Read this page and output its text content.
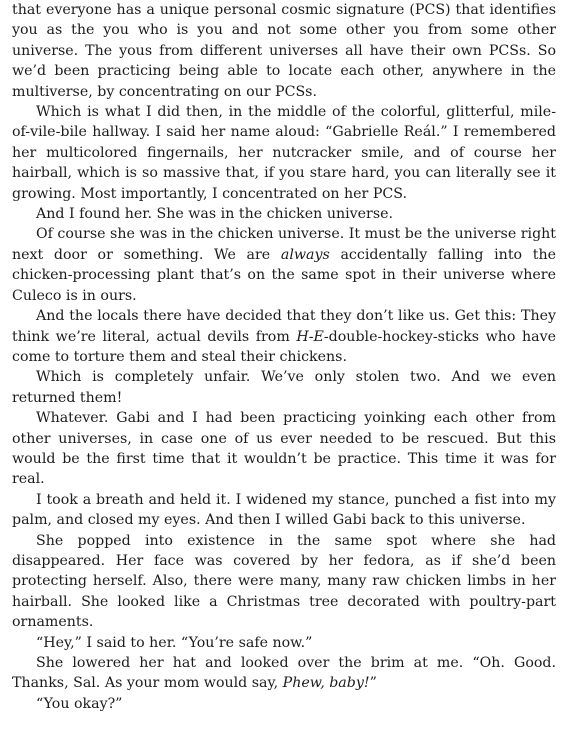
that everyone has a unique personal cosmic signature (PCS) that identifies you as the you who is you and not some other you from some other universe. The yous from different universes all have their own PCSs. So we’d been practicing being able to locate each other, anywhere in the multiverse, by concentrating on our PCSs.

Which is what I did then, in the middle of the colorful, glitterful, mile-of-vile-bile hallway. I said her name aloud: “Gabrielle Reál.” I remembered her multicolored fingernails, her nutcracker smile, and of course her hairball, which is so massive that, if you stare hard, you can literally see it growing. Most importantly, I concentrated on her PCS.

And I found her. She was in the chicken universe.

Of course she was in the chicken universe. It must be the universe right next door or something. We are always accidentally falling into the chicken-processing plant that’s on the same spot in their universe where Culeco is in ours.

And the locals there have decided that they don’t like us. Get this: They think we’re literal, actual devils from H-E-double-hockey-sticks who have come to torture them and steal their chickens.

Which is completely unfair. We’ve only stolen two. And we even returned them!

Whatever. Gabi and I had been practicing yoinking each other from other universes, in case one of us ever needed to be rescued. But this would be the first time that it wouldn’t be practice. This time it was for real.

I took a breath and held it. I widened my stance, punched a fist into my palm, and closed my eyes. And then I willed Gabi back to this universe.

She popped into existence in the same spot where she had disappeared. Her face was covered by her fedora, as if she’d been protecting herself. Also, there were many, many raw chicken limbs in her hairball. She looked like a Christmas tree decorated with poultry-part ornaments.

“Hey,” I said to her. “You’re safe now.”

She lowered her hat and looked over the brim at me. “Oh. Good. Thanks, Sal. As your mom would say, Phew, baby!”

“You okay?”
